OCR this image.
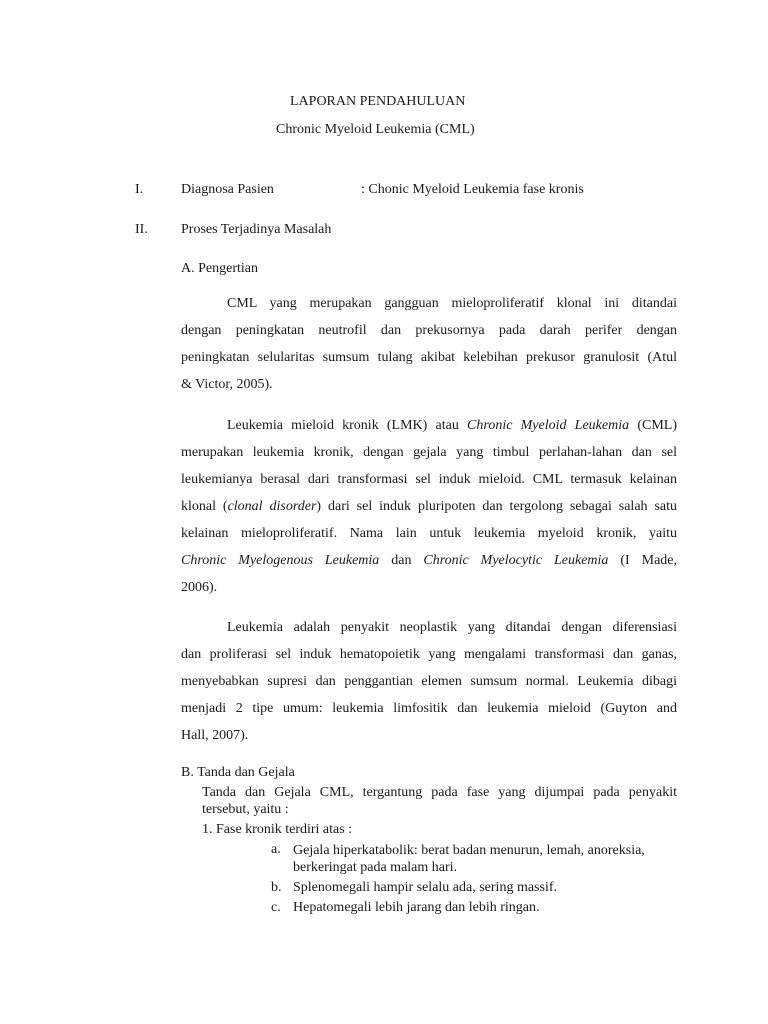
LAPORAN PENDAHULUAN
Chronic Myeloid Leukemia (CML)
I.	Diagnosa Pasien	: Chonic Myeloid Leukemia fase kronis
II. Proses Terjadinya Masalah
A. Pengertian
CML yang merupakan gangguan mieloproliferatif klonal ini ditandai
dengan peningkatan neutrofil dan prekusornya pada darah perifer dengan
peningkatan selularitas sumsum tulang akibat kelebihan prekusor granulosit (Atul
& Victor, 2005).
Leukemia mieloid kronik (LMK) atau Chronic Myeloid Leukemia (CML)
merupakan leukemia kronik, dengan gejala yang timbul perlahan-lahan dan sel
leukemianya berasal dari transformasi sel induk mieloid. CML termasuk kelainan
klonal (clonal disorder) dari sel induk pluripoten dan tergolong sebagai salah satu
kelainan mieloproliferatif. Nama lain untuk leukemia myeloid kronik, yaitu
Chronic Myelogenous Leukemia dan Chronic Myelocytic Leukemia (I Made,
2006).
Leukemia adalah penyakit neoplastik yang ditandai dengan diferensiasi
dan proliferasi sel induk hematopoietik yang mengalami transformasi dan ganas,
menyebabkan supresi dan penggantian elemen sumsum normal. Leukemia dibagi
menjadi 2 tipe umum: leukemia limfositik dan leukemia mieloid (Guyton and
Hall, 2007).
B. Tanda dan Gejala
Tanda dan Gejala CML, tergantung pada fase yang dijumpai pada penyakit
tersebut, yaitu :
1. Fase kronik terdiri atas :
a. Gejala hiperkatabolik: berat badan menurun, lemah, anoreksia,
berkeringat pada malam hari.
b. Splenomegali hampir selalu ada, sering massif.
c. Hepatomegali lebih jarang dan lebih ringan.
